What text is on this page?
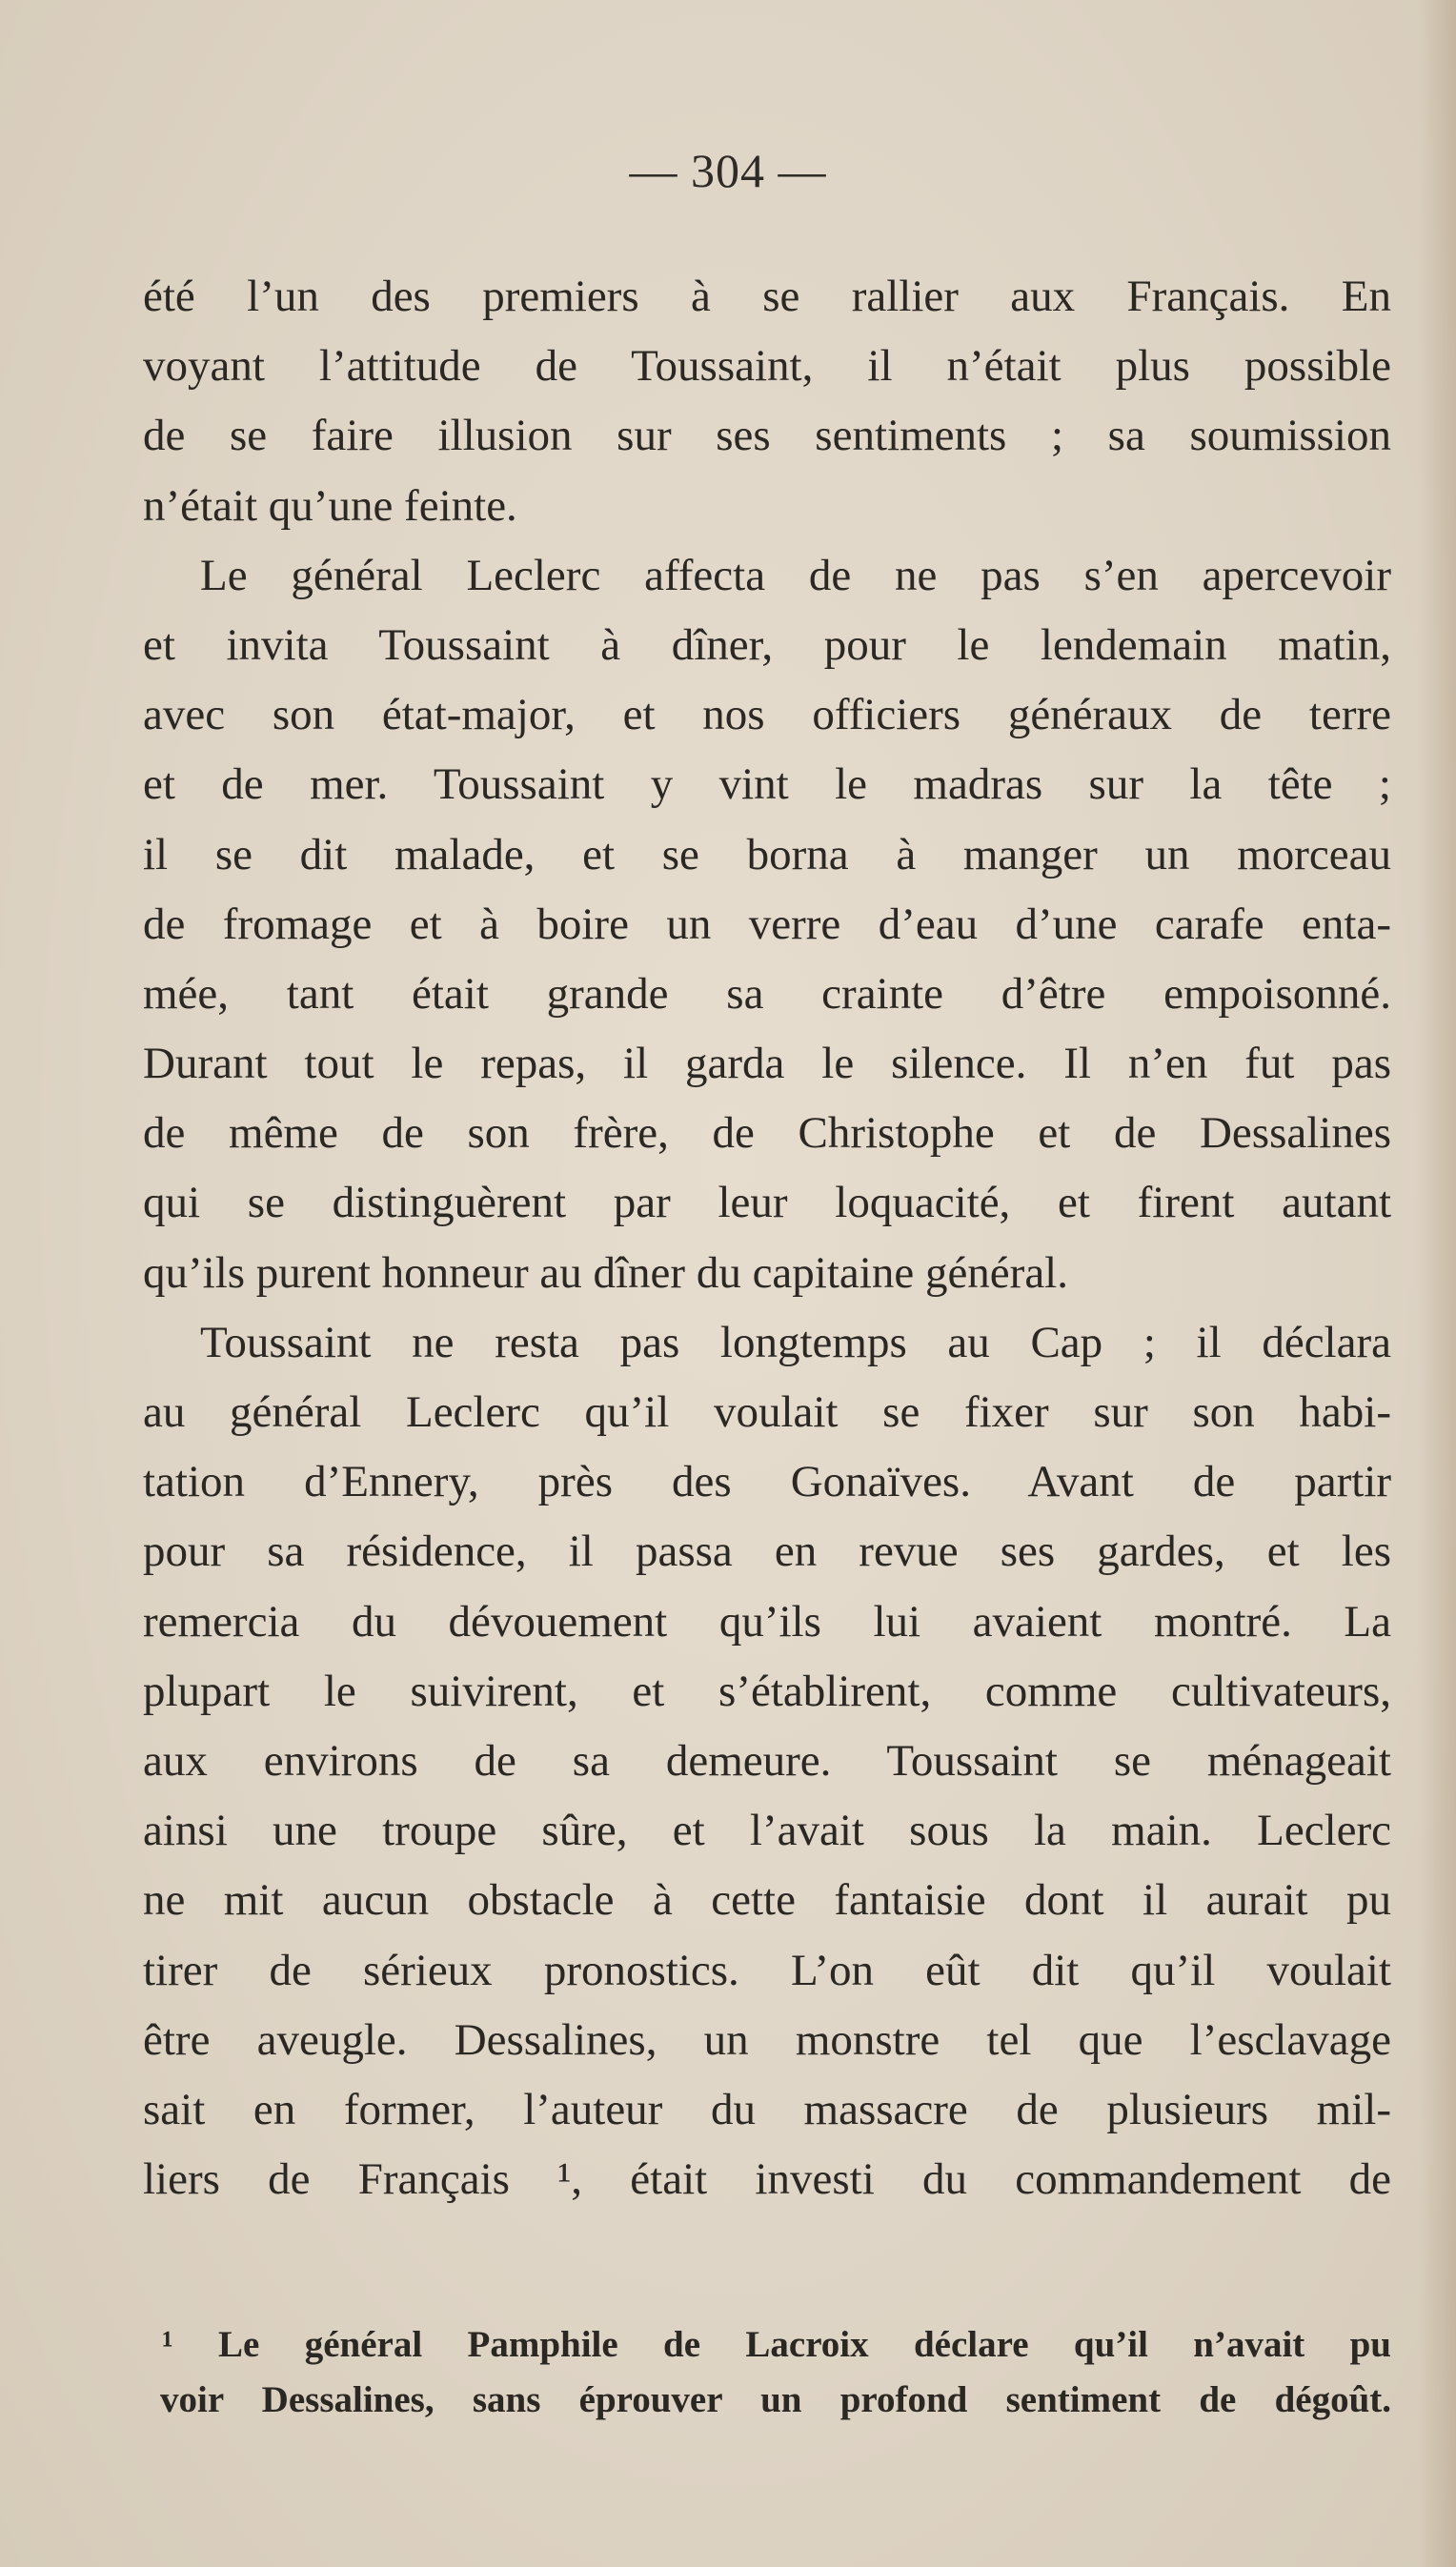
— 304 —
été l’un des premiers à se rallier aux Français. En
voyant l’attitude de Toussaint, il n’était plus possible
de se faire illusion sur ses sentiments ; sa soumission
n’était qu’une feinte.
Le général Leclerc affecta de ne pas s’en apercevoir
et invita Toussaint à dîner, pour le lendemain matin,
avec son état-major, et nos officiers généraux de terre
et de mer. Toussaint y vint le madras sur la tête ;
il se dit malade, et se borna à manger un morceau
de fromage et à boire un verre d’eau d’une carafe enta-
mée, tant était grande sa crainte d’être empoisonné.
Durant tout le repas, il garda le silence. Il n’en fut pas
de même de son frère, de Christophe et de Dessalines
qui se distinguèrent par leur loquacité, et firent autant
qu’ils purent honneur au dîner du capitaine général.
Toussaint ne resta pas longtemps au Cap ; il déclara
au général Leclerc qu’il voulait se fixer sur son habi-
tation d’Ennery, près des Gonaïves. Avant de partir
pour sa résidence, il passa en revue ses gardes, et les
remercia du dévouement qu’ils lui avaient montré. La
plupart le suivirent, et s’établirent, comme cultivateurs,
aux environs de sa demeure. Toussaint se ménageait
ainsi une troupe sûre, et l’avait sous la main. Leclerc
ne mit aucun obstacle à cette fantaisie dont il aurait pu
tirer de sérieux pronostics. L’on eût dit qu’il voulait
être aveugle. Dessalines, un monstre tel que l’esclavage
sait en former, l’auteur du massacre de plusieurs mil-
liers de Français ¹, était investi du commandement de
¹ Le général Pamphile de Lacroix déclare qu’il n’avait pu
voir Dessalines, sans éprouver un profond sentiment de dégoût.
